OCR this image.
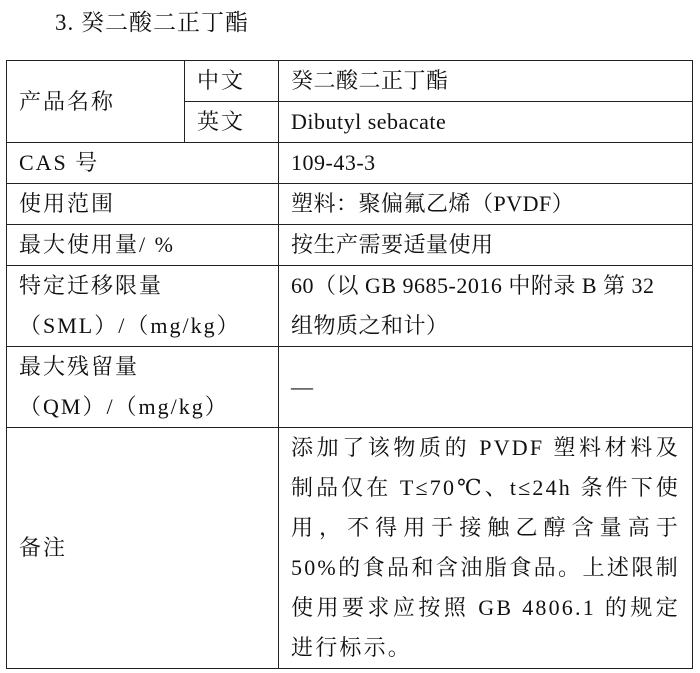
3. 癸二酸二正丁酯
产品名称	中文	癸二酸二正丁酯
	英文	Dibutyl sebacate
CAS 号		109-43-3
使用范围		塑料：聚偏氟乙烯（PVDF）
最大使用量/ %		按生产需要适量使用
特定迁移限量
（SML）/（mg/kg）		60（以 GB 9685-2016 中附录 B 第 32 组物质之和计）
最大残留量
（QM）/（mg/kg）		—
备注		添加了该物质的 PVDF 塑料材料及制品仅在 T≤70℃、t≤24h 条件下使用，不得用于接触乙醇含量高于 50%的食品和含油脂食品。上述限制使用要求应按照 GB 4806.1 的规定进行标示。
